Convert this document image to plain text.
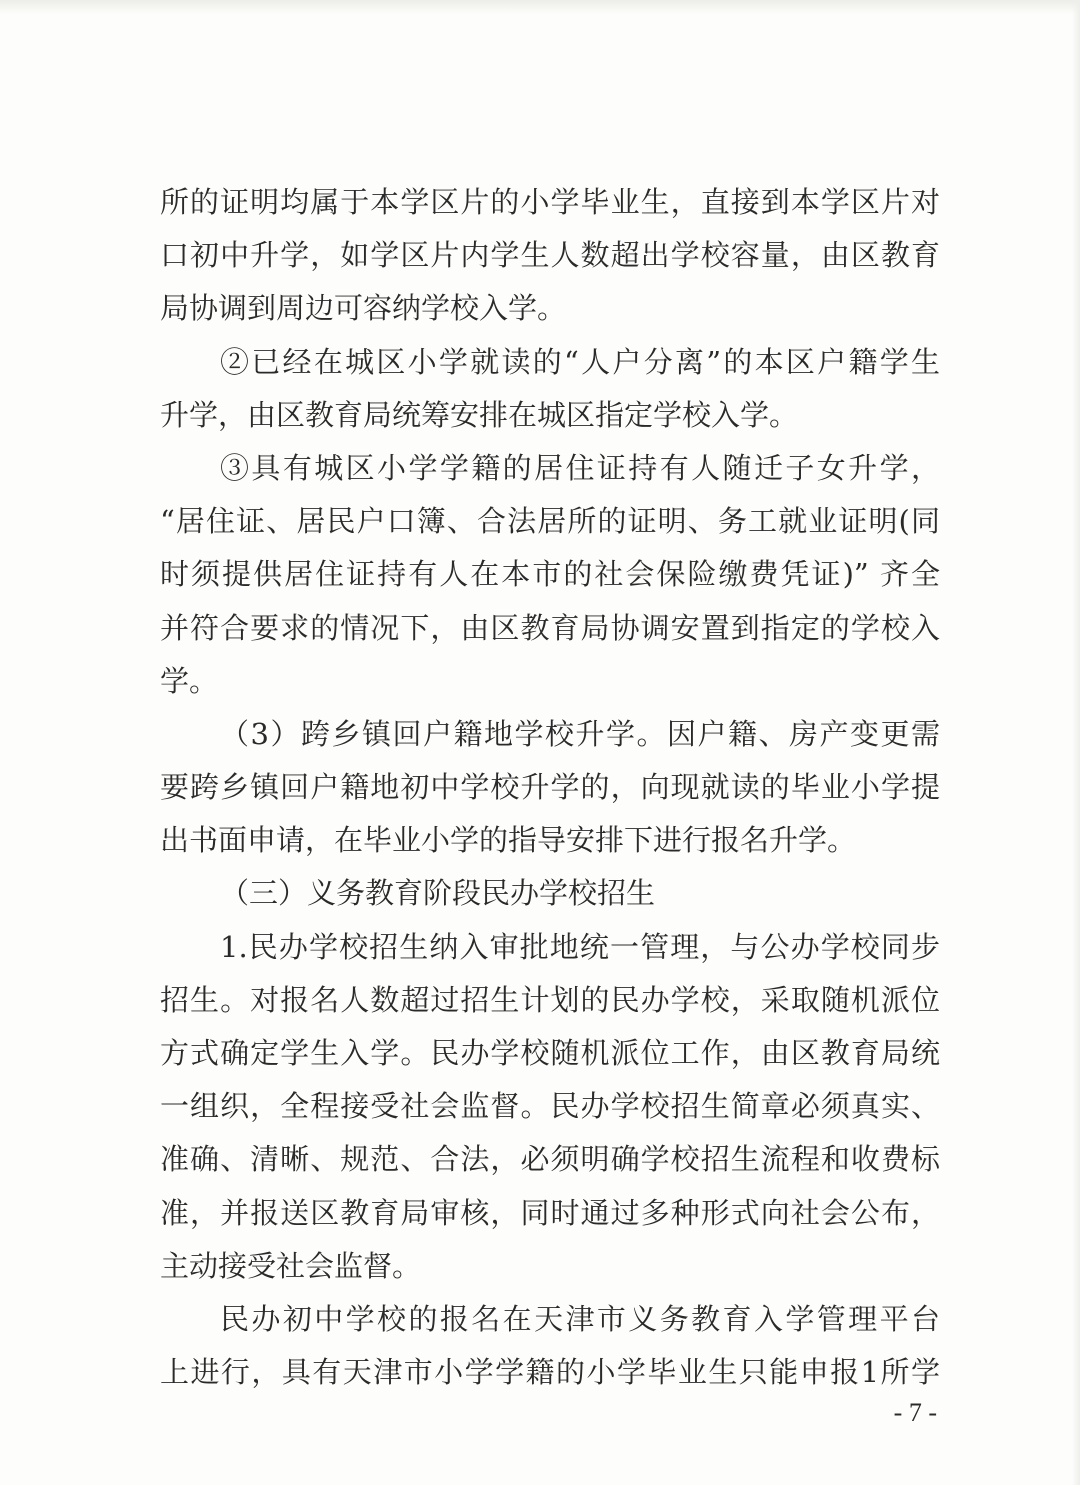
所的证明均属于本学区片的小学毕业生，直接到本学区片对
口初中升学，如学区片内学生人数超出学校容量，由区教育
局协调到周边可容纳学校入学。
②已经在城区小学就读的“人户分离”的本区户籍学生
升学，由区教育局统筹安排在城区指定学校入学。
③具有城区小学学籍的居住证持有人随迁子女升学，
“居住证、居民户口簿、合法居所的证明、务工就业证明(同
时须提供居住证持有人在本市的社会保险缴费凭证)” 齐全
并符合要求的情况下，由区教育局协调安置到指定的学校入
学。
（3）跨乡镇回户籍地学校升学。因户籍、房产变更需
要跨乡镇回户籍地初中学校升学的，向现就读的毕业小学提
出书面申请，在毕业小学的指导安排下进行报名升学。
（三）义务教育阶段民办学校招生
1.民办学校招生纳入审批地统一管理，与公办学校同步
招生。对报名人数超过招生计划的民办学校，采取随机派位
方式确定学生入学。民办学校随机派位工作，由区教育局统
一组织，全程接受社会监督。民办学校招生简章必须真实、
准确、清晰、规范、合法，必须明确学校招生流程和收费标
准，并报送区教育局审核，同时通过多种形式向社会公布，
主动接受社会监督。
民办初中学校的报名在天津市义务教育入学管理平台
上进行，具有天津市小学学籍的小学毕业生只能申报1所学
- 7 -
